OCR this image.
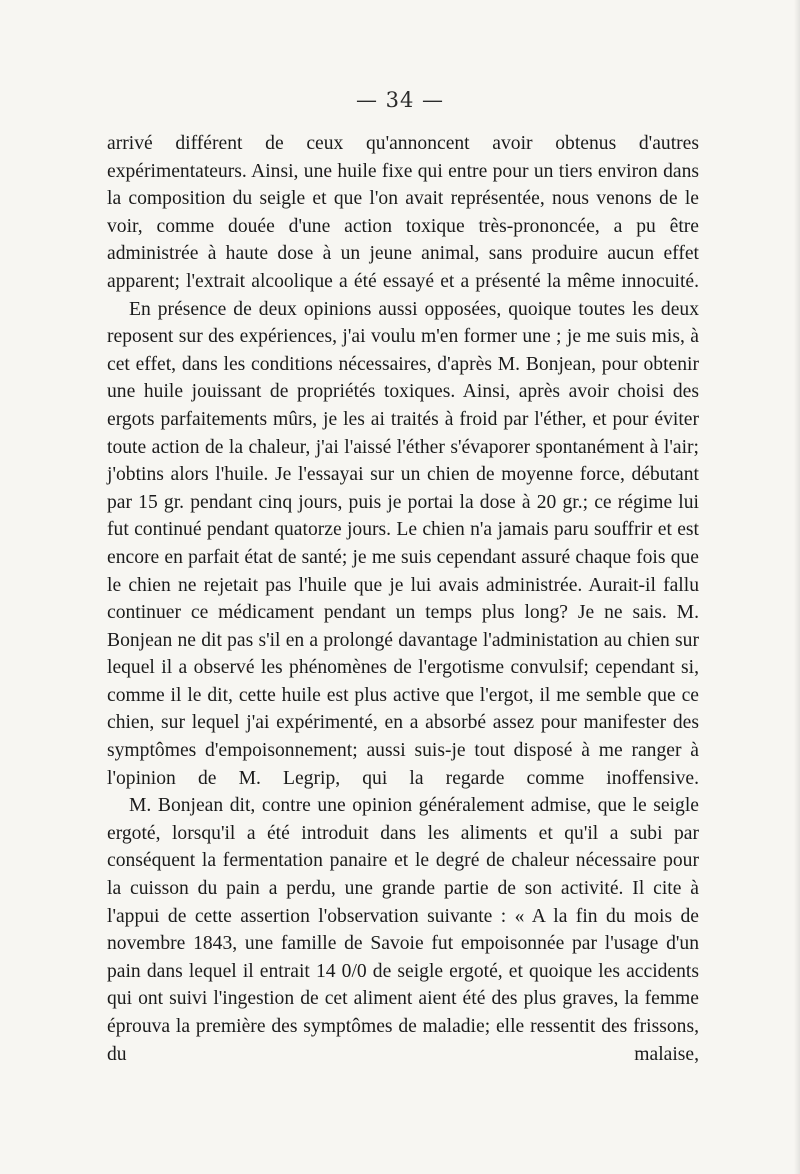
— 34 —

arrivé différent de ceux qu'annoncent avoir obtenus d'autres expérimentateurs. Ainsi, une huile fixe qui entre pour un tiers environ dans la composition du seigle et que l'on avait représentée, nous venons de le voir, comme douée d'une action toxique très-prononcée, a pu être administrée à haute dose à un jeune animal, sans produire aucun effet apparent; l'extrait alcoolique a été essayé et a présenté la même innocuité.

En présence de deux opinions aussi opposées, quoique toutes les deux reposent sur des expériences, j'ai voulu m'en former une ; je me suis mis, à cet effet, dans les conditions nécessaires, d'après M. Bonjean, pour obtenir une huile jouissant de propriétés toxiques. Ainsi, après avoir choisi des ergots parfaitements mûrs, je les ai traités à froid par l'éther, et pour éviter toute action de la chaleur, j'ai l'aissé l'éther s'évaporer spontanément à l'air; j'obtins alors l'huile. Je l'essayai sur un chien de moyenne force, débutant par 15 gr. pendant cinq jours, puis je portai la dose à 20 gr.; ce régime lui fut continué pendant quatorze jours. Le chien n'a jamais paru souffrir et est encore en parfait état de santé; je me suis cependant assuré chaque fois que le chien ne rejetait pas l'huile que je lui avais administrée. Aurait-il fallu continuer ce médicament pendant un temps plus long? Je ne sais. M. Bonjean ne dit pas s'il en a prolongé davantage l'administation au chien sur lequel il a observé les phénomènes de l'ergotisme convulsif; cependant si, comme il le dit, cette huile est plus active que l'ergot, il me semble que ce chien, sur lequel j'ai expérimenté, en a absorbé assez pour manifester des symptômes d'empoisonnement; aussi suis-je tout disposé à me ranger à l'opinion de M. Legrip, qui la regarde comme inoffensive.

M. Bonjean dit, contre une opinion généralement admise, que le seigle ergoté, lorsqu'il a été introduit dans les aliments et qu'il a subi par conséquent la fermentation panaire et le degré de chaleur nécessaire pour la cuisson du pain a perdu, une grande partie de son activité. Il cite à l'appui de cette assertion l'observation suivante : « A la fin du mois de novembre 1843, une famille de Savoie fut empoisonnée par l'usage d'un pain dans lequel il entrait 14 0/0 de seigle ergoté, et quoique les accidents qui ont suivi l'ingestion de cet aliment aient été des plus graves, la femme éprouva la première des symptômes de maladie; elle ressentit des frissons, du malaise,
